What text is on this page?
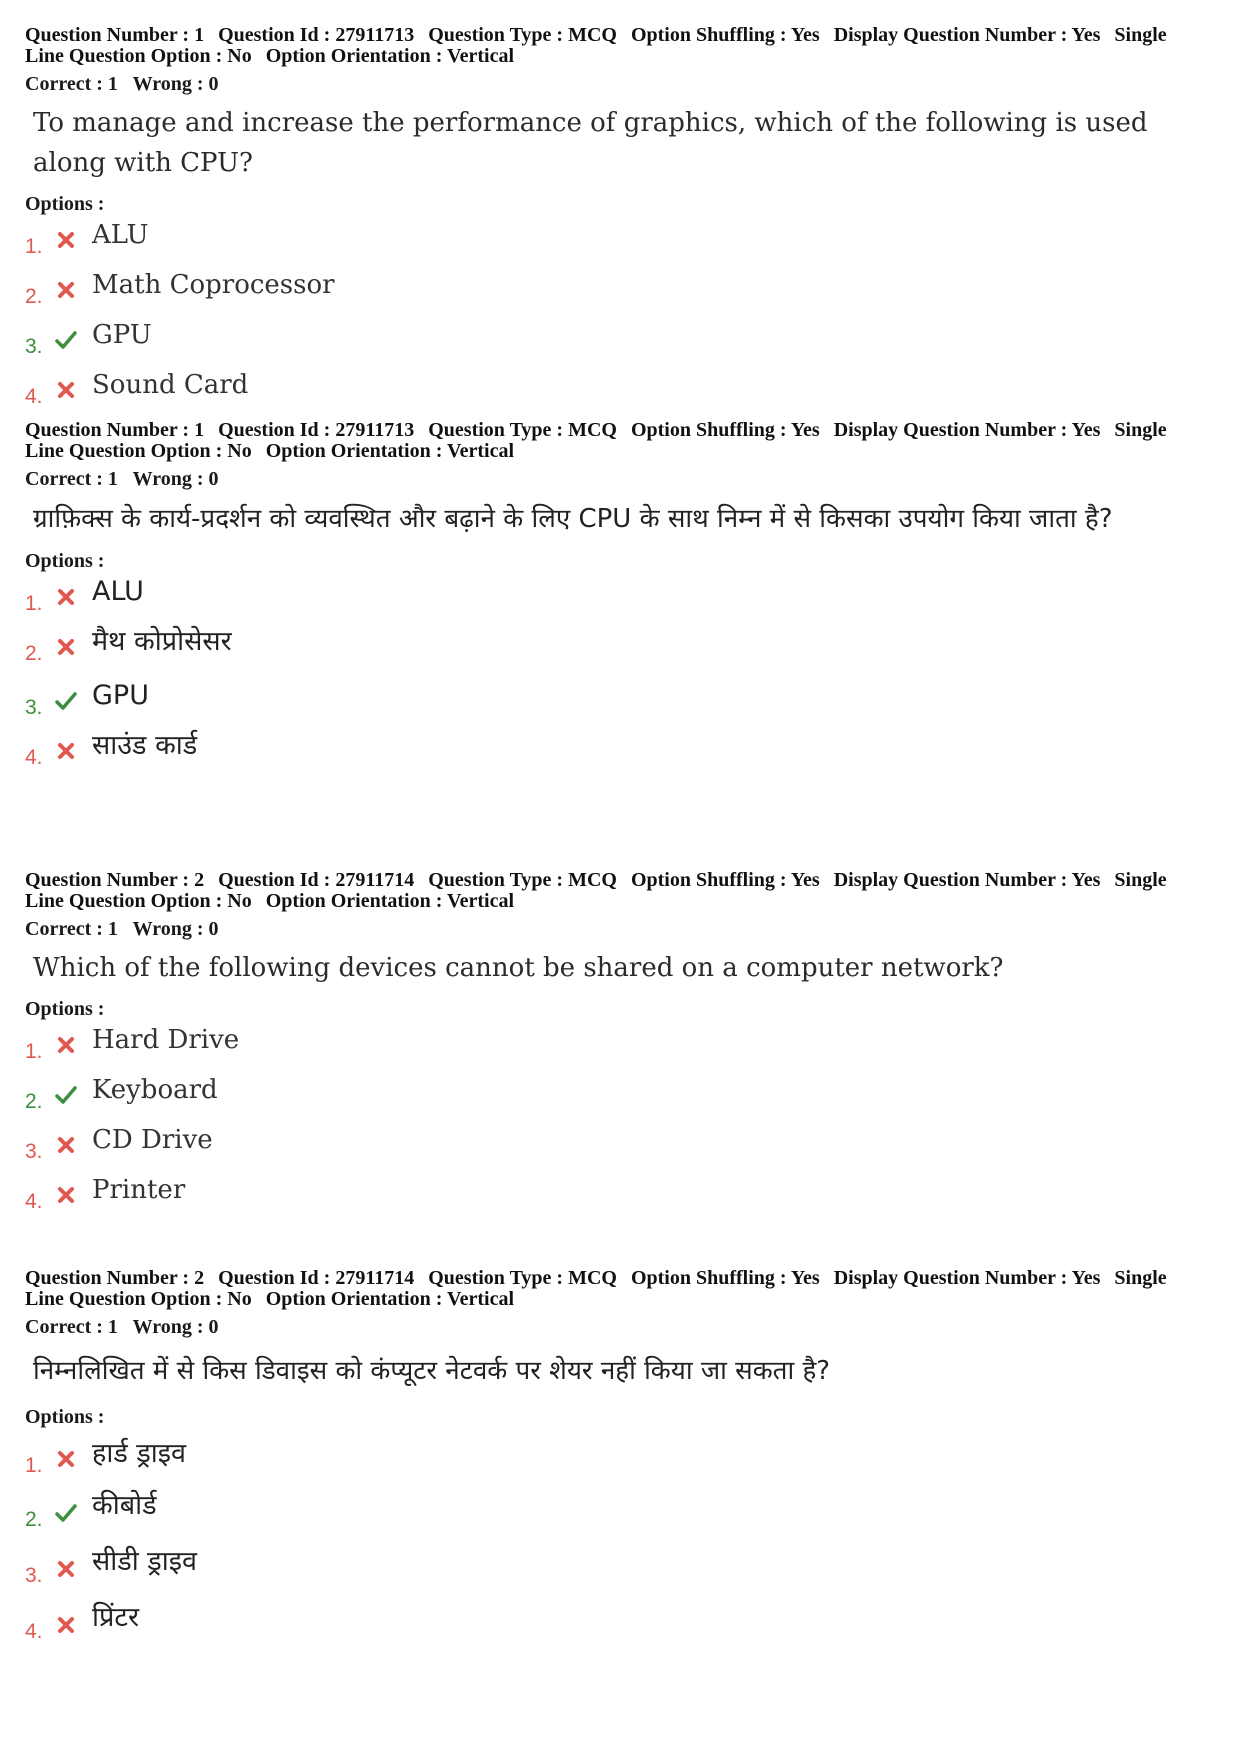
Question Number : 1 Question Id : 27911713 Question Type : MCQ Option Shuffling : Yes Display Question Number : Yes Single
Line Question Option : No Option Orientation : Vertical
Correct : 1 Wrong : 0
To manage and increase the performance of graphics, which of the following is used along with CPU?
Options :
1. ALU
2. Math Coprocessor
3. GPU
4. Sound Card
Question Number : 1 Question Id : 27911713 Question Type : MCQ Option Shuffling : Yes Display Question Number : Yes Single
Line Question Option : No Option Orientation : Vertical
Correct : 1 Wrong : 0
ग्राफ़िक्स के कार्य-प्रदर्शन को व्यवस्थित और बढ़ाने के लिए CPU के साथ निम्न में से किसका उपयोग किया जाता है?
Options :
1. ALU
2. मैथ कोप्रोसेसर
3. GPU
4. साउंड कार्ड
Question Number : 2 Question Id : 27911714 Question Type : MCQ Option Shuffling : Yes Display Question Number : Yes Single
Line Question Option : No Option Orientation : Vertical
Correct : 1 Wrong : 0
Which of the following devices cannot be shared on a computer network?
Options :
1. Hard Drive
2. Keyboard
3. CD Drive
4. Printer
Question Number : 2 Question Id : 27911714 Question Type : MCQ Option Shuffling : Yes Display Question Number : Yes Single
Line Question Option : No Option Orientation : Vertical
Correct : 1 Wrong : 0
निम्नलिखित में से किस डिवाइस को कंप्यूटर नेटवर्क पर शेयर नहीं किया जा सकता है?
Options :
1. हार्ड ड्राइव
2. कीबोर्ड
3. सीडी ड्राइव
4. प्रिंटर
